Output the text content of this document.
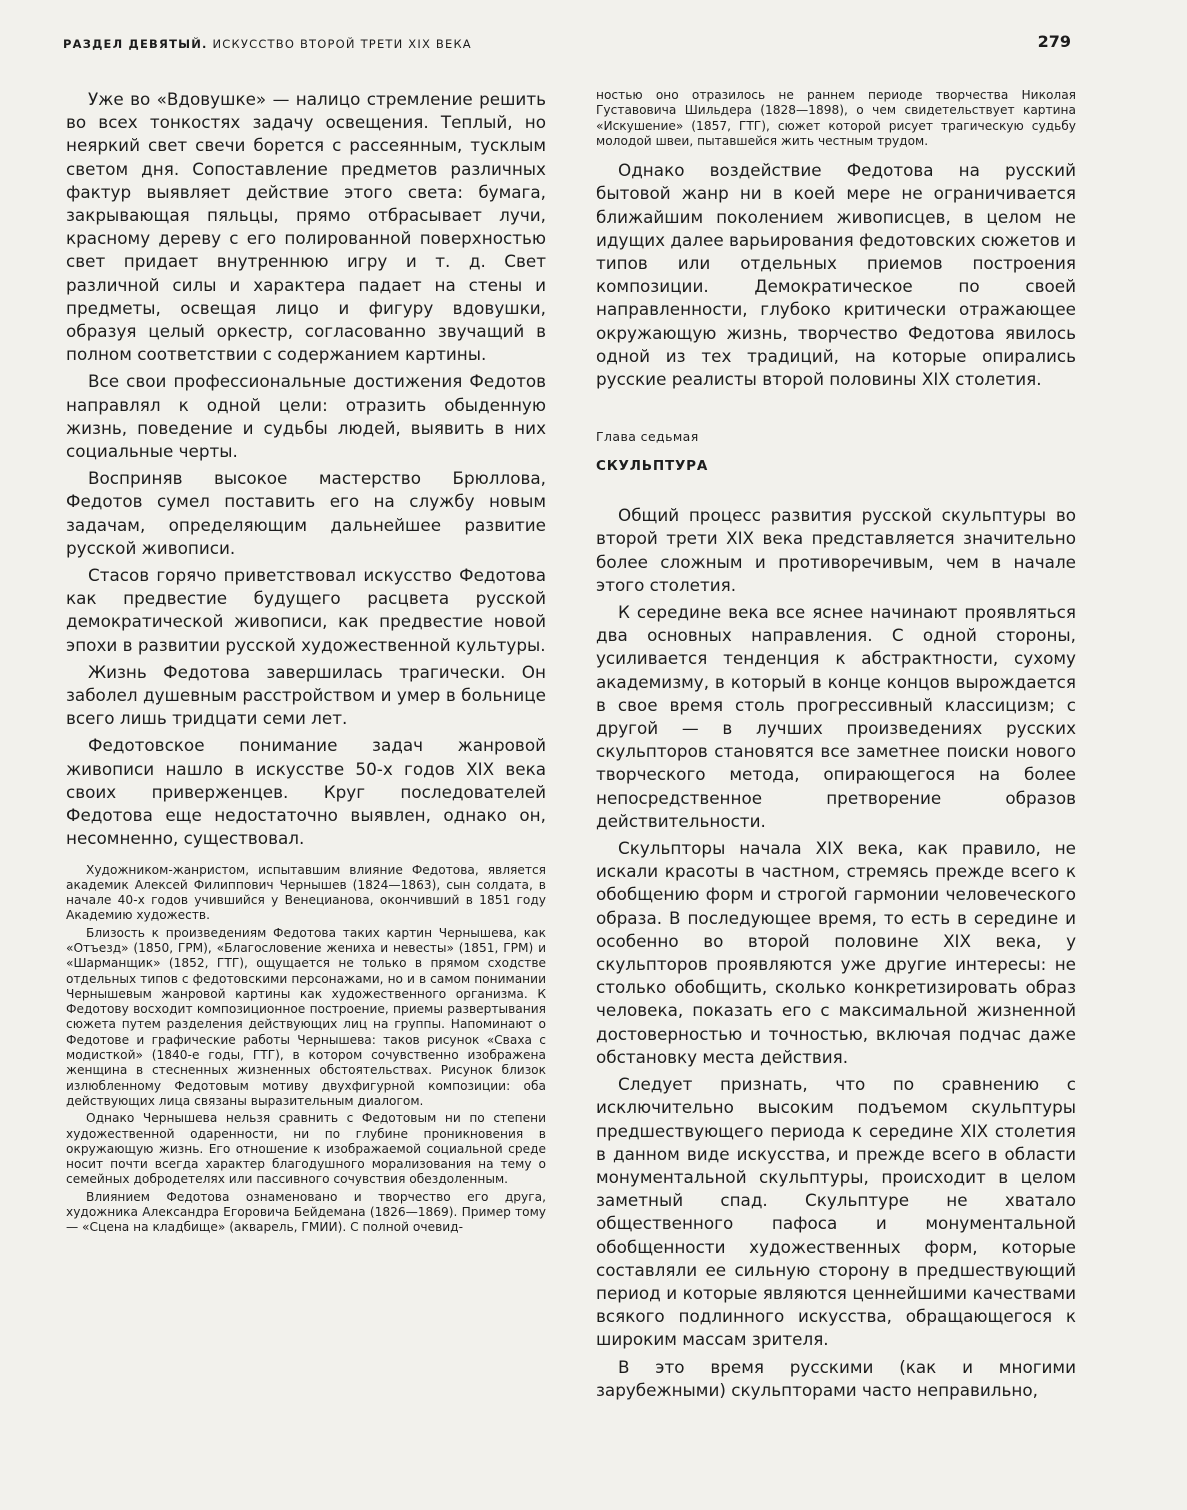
РАЗДЕЛ ДЕВЯТЫЙ. ИСКУССТВО ВТОРОЙ ТРЕТИ XIX ВЕКА	279

Уже во «Вдовушке» — налицо стремление решить во всех тонкостях задачу освещения. Теплый, но неяркий свет свечи борется с рассеянным, тусклым светом дня. Сопоставление предметов различных фактур выявляет действие этого света: бумага, закрывающая пяльцы, прямо отбрасывает лучи, красному дереву с его полированной поверхностью свет придает внутреннюю игру и т. д. Свет различной силы и характера падает на стены и предметы, освещая лицо и фигуру вдовушки, образуя целый оркестр, согласованно звучащий в полном соответствии с содержанием картины.

Все свои профессиональные достижения Федотов направлял к одной цели: отразить обыденную жизнь, поведение и судьбы людей, выявить в них социальные черты.

Восприняв высокое мастерство Брюллова, Федотов сумел поставить его на службу новым задачам, определяющим дальнейшее развитие русской живописи.

Стасов горячо приветствовал искусство Федотова как предвестие будущего расцвета русской демократической живописи, как предвестие новой эпохи в развитии русской художественной культуры.

Жизнь Федотова завершилась трагически. Он заболел душевным расстройством и умер в больнице всего лишь тридцати семи лет.

Федотовское понимание задач жанровой живописи нашло в искусстве 50-х годов XIX века своих приверженцев. Круг последователей Федотова еще недостаточно выявлен, однако он, несомненно, существовал.

Художником-жанристом, испытавшим влияние Федотова, является академик Алексей Филиппович Чернышев (1824—1863), сын солдата, в начале 40-х годов учившийся у Венецианова, окончивший в 1851 году Академию художеств.

Близость к произведениям Федотова таких картин Чернышева, как «Отъезд» (1850, ГРМ), «Благословение жениха и невесты» (1851, ГРМ) и «Шарманщик» (1852, ГТГ), ощущается не только в прямом сходстве отдельных типов с федотовскими персонажами, но и в самом понимании Чернышевым жанровой картины как художественного организма. К Федотову восходит композиционное построение, приемы развертывания сюжета путем разделения действующих лиц на группы. Напоминают о Федотове и графические работы Чернышева: таков рисунок «Сваха с модисткой» (1840-е годы, ГТГ), в котором сочувственно изображена женщина в стесненных жизненных обстоятельствах. Рисунок близок излюбленному Федотовым мотиву двухфигурной композиции: оба действующих лица связаны выразительным диалогом.

Однако Чернышева нельзя сравнить с Федотовым ни по степени художественной одаренности, ни по глубине проникновения в окружающую жизнь. Его отношение к изображаемой социальной среде носит почти всегда характер благодушного морализования на тему о семейных добродетелях или пассивного сочувствия обездоленным.

Влиянием Федотова ознаменовано и творчество его друга, художника Александра Егоровича Бейдемана (1826—1869). Пример тому — «Сцена на кладбище» (акварель, ГМИИ). С полной очевид-

ностью оно отразилось не раннем периоде творчества Николая Густавовича Шильдера (1828—1898), о чем свидетельствует картина «Искушение» (1857, ГТГ), сюжет которой рисует трагическую судьбу молодой швеи, пытавшейся жить честным трудом.

Однако воздействие Федотова на русский бытовой жанр ни в коей мере не ограничивается ближайшим поколением живописцев, в целом не идущих далее варьирования федотовских сюжетов и типов или отдельных приемов построения композиции. Демократическое по своей направленности, глубоко критически отражающее окружающую жизнь, творчество Федотова явилось одной из тех традиций, на которые опирались русские реалисты второй половины XIX столетия.

Глава седьмая
СКУЛЬПТУРА

Общий процесс развития русской скульптуры во второй трети XIX века представляется значительно более сложным и противоречивым, чем в начале этого столетия.

К середине века все яснее начинают проявляться два основных направления. С одной стороны, усиливается тенденция к абстрактности, сухому академизму, в который в конце концов вырождается в свое время столь прогрессивный классицизм; с другой — в лучших произведениях русских скульпторов становятся все заметнее поиски нового творческого метода, опирающегося на более непосредственное претворение образов действительности.

Скульпторы начала XIX века, как правило, не искали красоты в частном, стремясь прежде всего к обобщению форм и строгой гармонии человеческого образа. В последующее время, то есть в середине и особенно во второй половине XIX века, у скульпторов проявляются уже другие интересы: не столько обобщить, сколько конкретизировать образ человека, показать его с максимальной жизненной достоверностью и точностью, включая подчас даже обстановку места действия.

Следует признать, что по сравнению с исключительно высоким подъемом скульптуры предшествующего периода к середине XIX столетия в данном виде искусства, и прежде всего в области монументальной скульптуры, происходит в целом заметный спад. Скульптуре не хватало общественного пафоса и монументальной обобщенности художественных форм, которые составляли ее сильную сторону в предшествующий период и которые являются ценнейшими качествами всякого подлинного искусства, обращающегося к широким массам зрителя.

В это время русскими (как и многими зарубежными) скульпторами часто неправильно,
